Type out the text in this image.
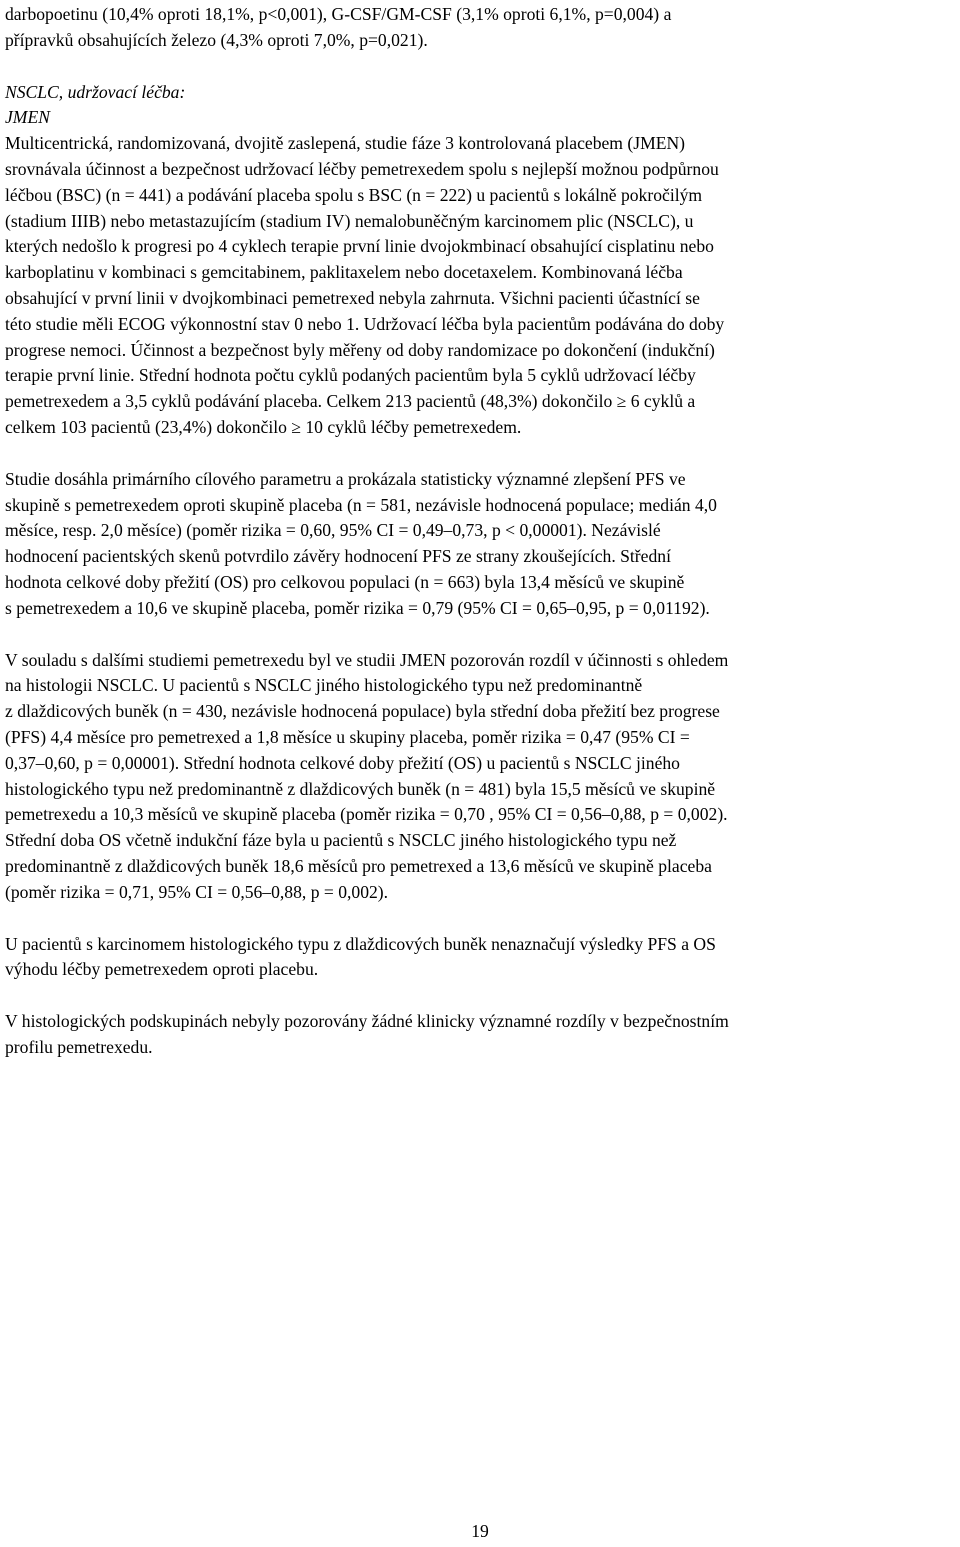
darbopoetinu (10,4% oproti 18,1%, p<0,001), G-CSF/GM-CSF (3,1% oproti 6,1%, p=0,004) a
přípravků obsahujících železo (4,3% oproti 7,0%, p=0,021).

NSCLC, udržovací léčba:
JMEN

Multicentrická, randomizovaná, dvojitě zaslepená, studie fáze 3 kontrolovaná placebem (JMEN)
srovnávala účinnost a bezpečnost udržovací léčby pemetrexedem spolu s nejlepší možnou podpůrnou
léčbou (BSC) (n = 441) a podávání placeba spolu s BSC (n = 222) u pacientů s lokálně pokročilým
(stadium IIIB) nebo metastazujícím (stadium IV) nemalobuněčným karcinomem plic (NSCLC), u
kterých nedošlo k progresi po 4 cyklech terapie první linie dvojokmbinací obsahující cisplatinu nebo
karboplatinu v kombinaci s gemcitabinem, paklitaxelem nebo docetaxelem. Kombinovaná léčba
obsahující v první linii v dvojkombinaci pemetrexed nebyla zahrnuta. Všichni pacienti účastnící se
této studie měli ECOG výkonnostní stav 0 nebo 1. Udržovací léčba byla pacientům podávána do doby
progrese nemoci. Účinnost a bezpečnost byly měřeny od doby randomizace po dokončení (indukční)
terapie první linie. Střední hodnota počtu cyklů podaných pacientům byla 5 cyklů udržovací léčby
pemetrexedem a 3,5 cyklů podávání placeba. Celkem 213 pacientů (48,3%) dokončilo ≥ 6 cyklů a
celkem 103 pacientů (23,4%) dokončilo ≥ 10 cyklů léčby pemetrexedem.

Studie dosáhla primárního cílového parametru a prokázala statisticky významné zlepšení PFS ve
skupině s pemetrexedem oproti skupině placeba (n = 581, nezávisle hodnocená populace; medián 4,0
měsíce, resp. 2,0 měsíce) (poměr rizika = 0,60, 95% CI = 0,49–0,73, p < 0,00001). Nezávislé
hodnocení pacientských skenů potvrdilo závěry hodnocení PFS ze strany zkoušejících. Střední
hodnota celkové doby přežití (OS) pro celkovou populaci (n = 663) byla 13,4 měsíců ve skupině
s pemetrexedem a 10,6 ve skupině placeba, poměr rizika = 0,79 (95% CI = 0,65–0,95, p = 0,01192).

V souladu s dalšími studiemi pemetrexedu byl ve studii JMEN pozorován rozdíl v účinnosti s ohledem
na histologii NSCLC. U pacientů s NSCLC jiného histologického typu než predominantně
z dlaždicových buněk (n = 430, nezávisle hodnocená populace) byla střední doba přežití bez progrese
(PFS) 4,4 měsíce pro pemetrexed a 1,8 měsíce u skupiny placeba, poměr rizika = 0,47 (95% CI =
0,37–0,60, p = 0,00001). Střední hodnota celkové doby přežití (OS) u pacientů s NSCLC jiného
histologického typu než predominantně z dlaždicových buněk (n = 481) byla 15,5 měsíců ve skupině
pemetrexedu a 10,3 měsíců ve skupině placeba (poměr rizika = 0,70 , 95% CI = 0,56–0,88, p = 0,002).
Střední doba OS včetně indukční fáze byla u pacientů s NSCLC jiného histologického typu než
predominantně z dlaždicových buněk 18,6 měsíců pro pemetrexed a 13,6 měsíců ve skupině placeba
(poměr rizika = 0,71, 95% CI = 0,56–0,88, p = 0,002).

U pacientů s karcinomem histologického typu z dlaždicových buněk nenaznačují výsledky PFS a OS
výhodu léčby pemetrexedem oproti placebu.

V histologických podskupinách nebyly pozorovány žádné klinicky významné rozdíly v bezpečnostním
profilu pemetrexedu.

19
